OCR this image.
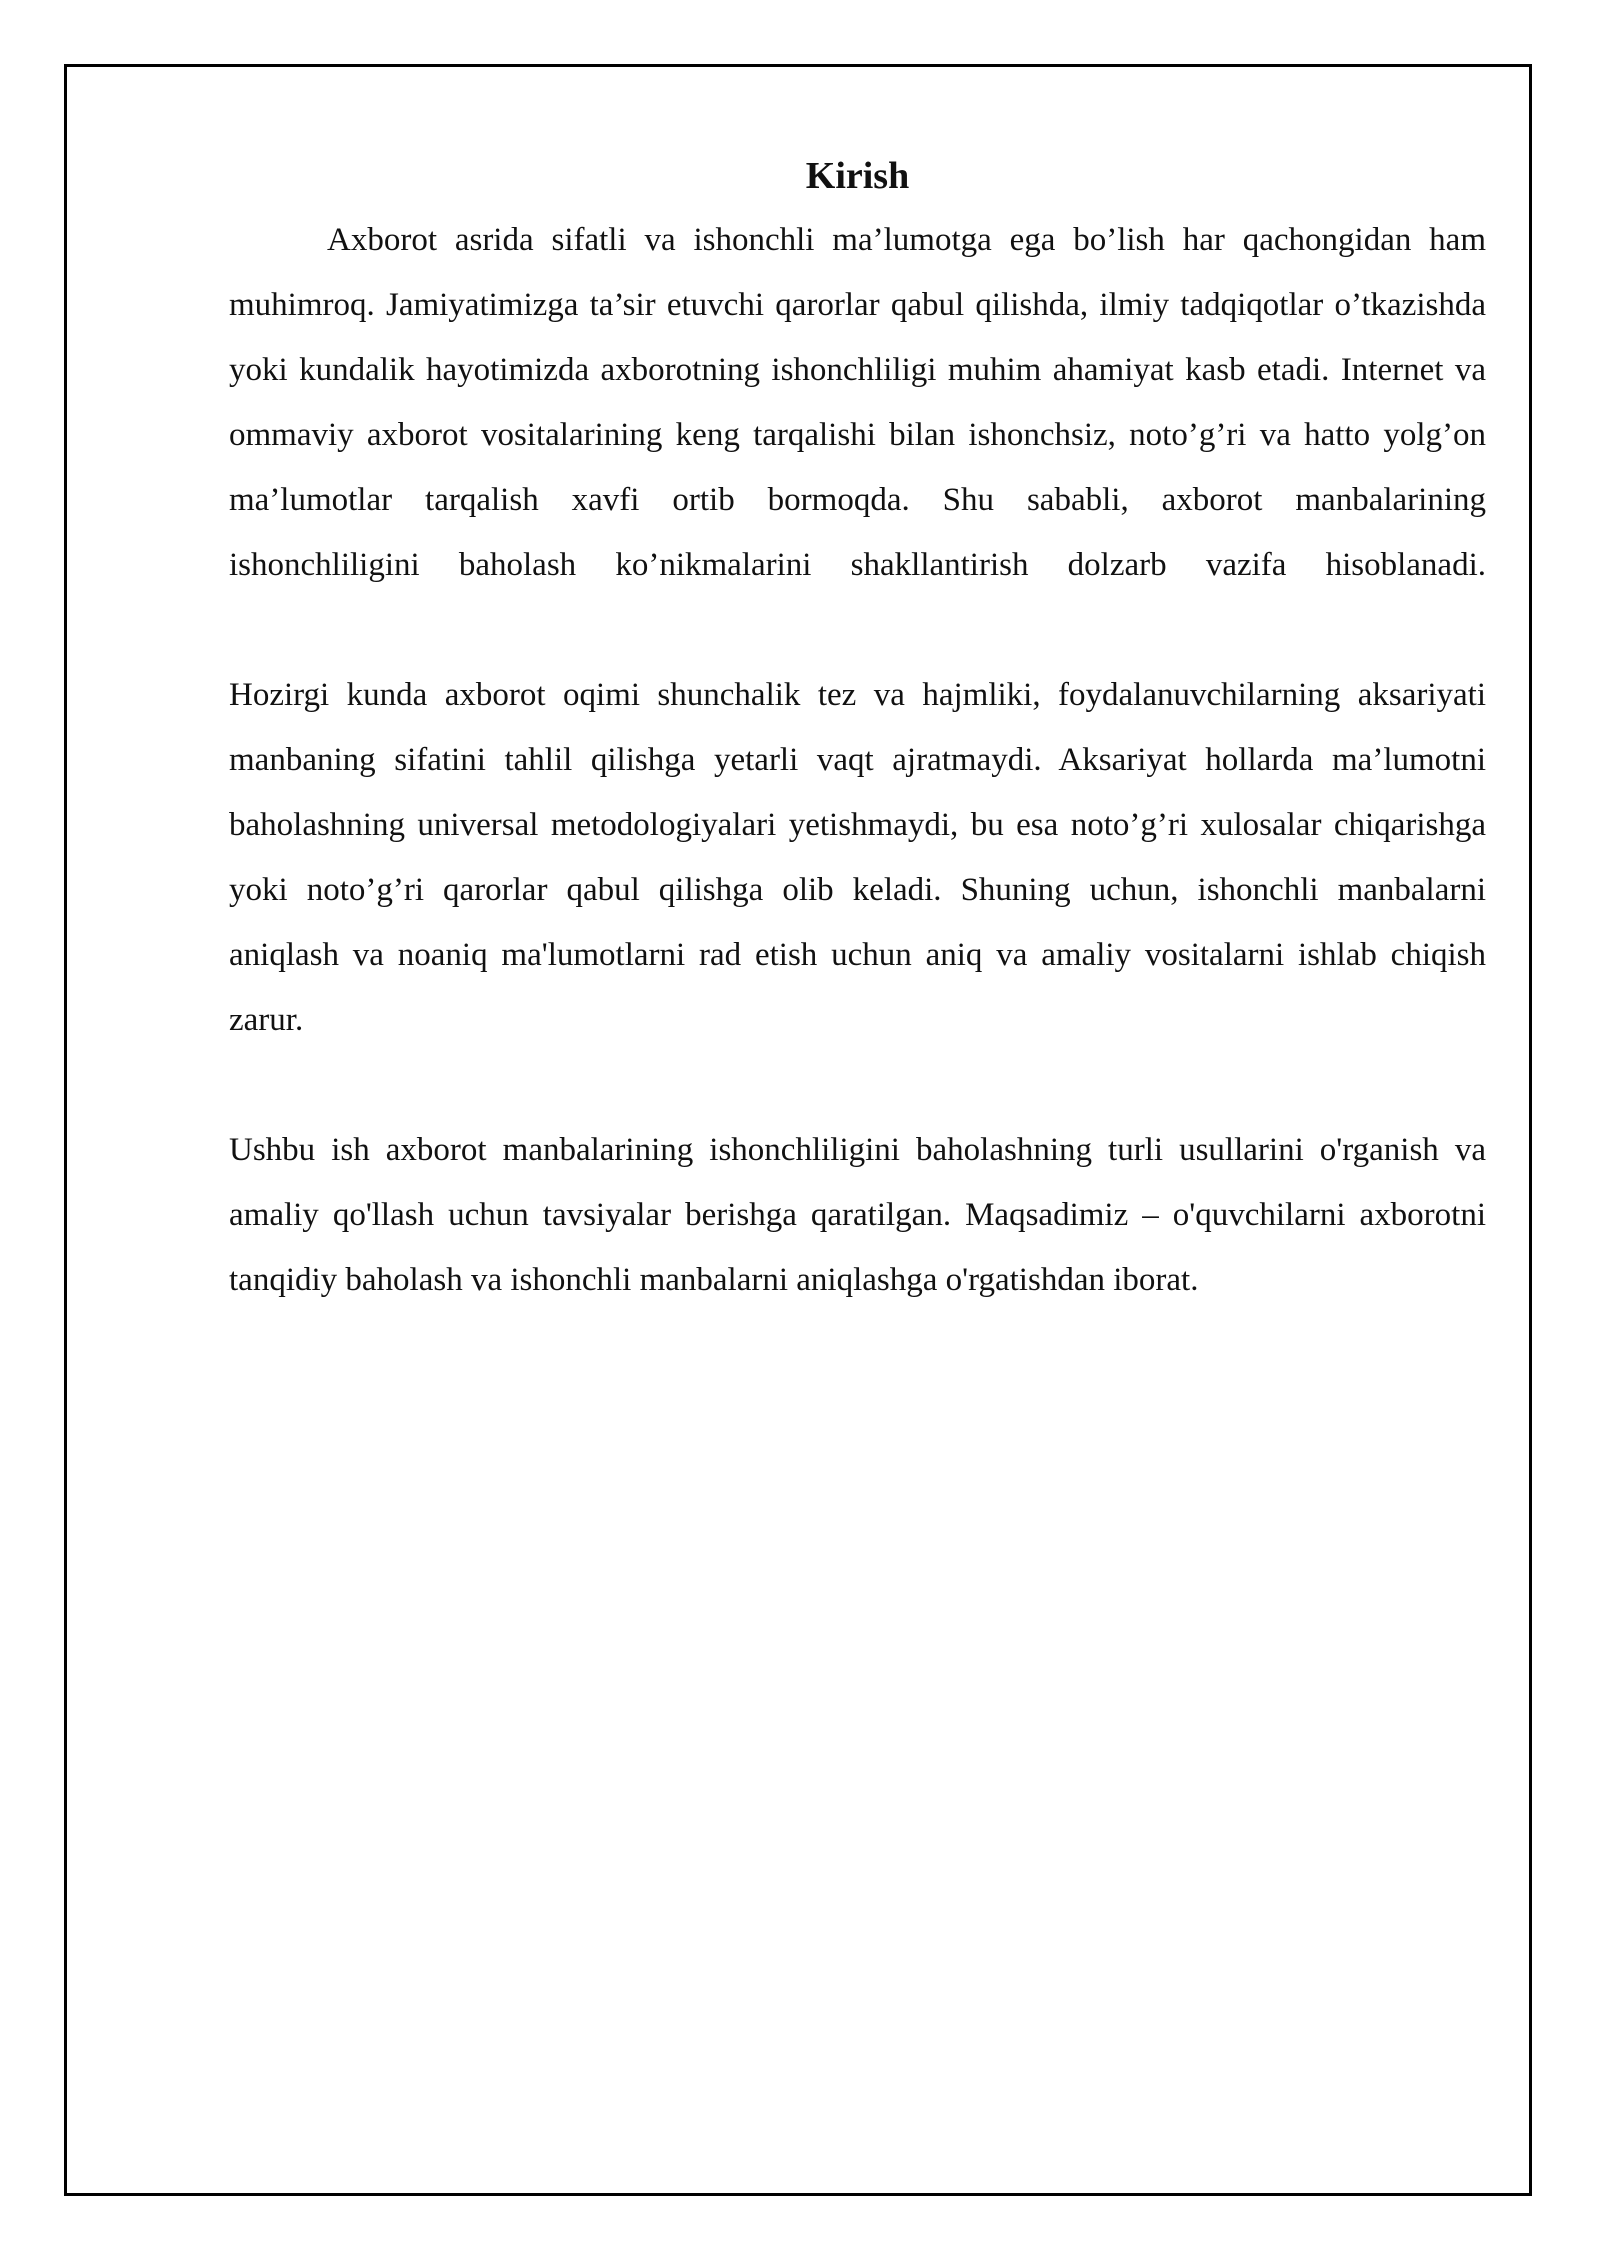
Kirish

Axborot asrida sifatli va ishonchli ma’lumotga ega bo’lish har qachongidan ham muhimroq. Jamiyatimizga ta’sir etuvchi qarorlar qabul qilishda, ilmiy tadqiqotlar o’tkazishda yoki kundalik hayotimizda axborotning ishonchliligi muhim ahamiyat kasb etadi. Internet va ommaviy axborot vositalarining keng tarqalishi bilan ishonchsiz, noto’g’ri va hatto yolg’on ma’lumotlar tarqalish xavfi ortib bormoqda. Shu sababli, axborot manbalarining ishonchliligini baholash ko’nikmalarini shakllantirish dolzarb vazifa hisoblanadi.

Hozirgi kunda axborot oqimi shunchalik tez va hajmliki, foydalanuvchilarning aksariyati manbaning sifatini tahlil qilishga yetarli vaqt ajratmaydi. Aksariyat hollarda ma’lumotni baholashning universal metodologiyalari yetishmaydi, bu esa noto’g’ri xulosalar chiqarishga yoki noto’g’ri qarorlar qabul qilishga olib keladi. Shuning uchun, ishonchli manbalarni aniqlash va noaniq ma'lumotlarni rad etish uchun aniq va amaliy vositalarni ishlab chiqish zarur.

Ushbu ish axborot manbalarining ishonchliligini baholashning turli usullarini o'rganish va amaliy qo'llash uchun tavsiyalar berishga qaratilgan. Maqsadimiz – o'quvchilarni axborotni tanqidiy baholash va ishonchli manbalarni aniqlashga o'rgatishdan iborat.
